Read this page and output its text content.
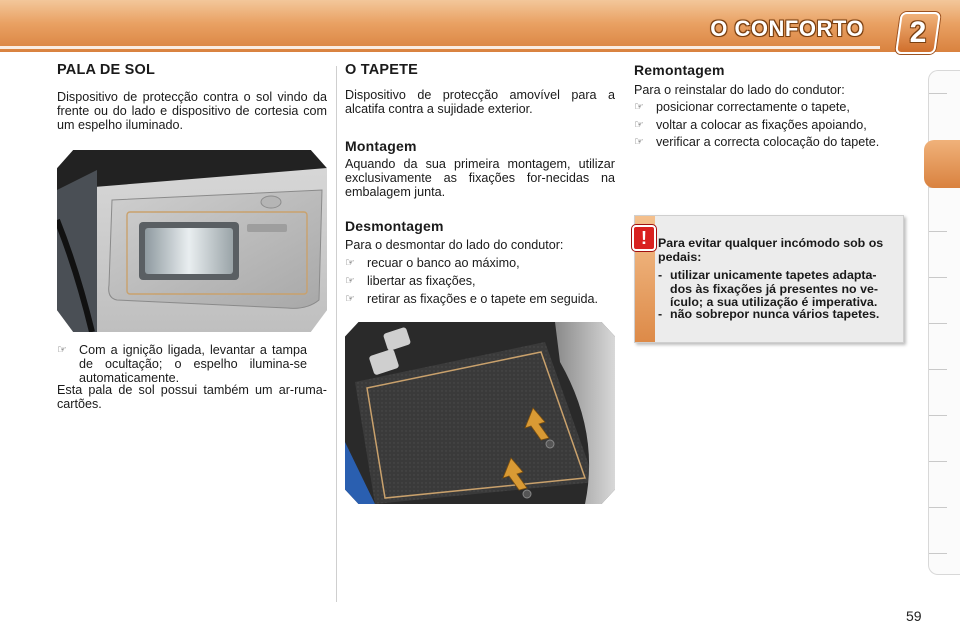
O CONFORTO	2
PALA DE SOL
Dispositivo de protecção contra o sol vindo da frente ou do lado e dispositivo de cortesia com um espelho iluminado.
☞ Com a ignição ligada, levantar a tampa de ocultação; o espelho ilumina-se automaticamente.
Esta pala de sol possui também um ar-ruma-cartões.
O TAPETE
Dispositivo de protecção amovível para a alcatifa contra a sujidade exterior.
Montagem
Aquando da sua primeira montagem, utilizar exclusivamente as fixações for-necidas na embalagem junta.
Desmontagem
Para o desmontar do lado do condutor:
☞ recuar o banco ao máximo,
☞ libertar as fixações,
☞ retirar as fixações e o tapete em seguida.
Remontagem
Para o reinstalar do lado do condutor:
☞ posicionar correctamente o tapete,
☞ voltar a colocar as fixações apoiando,
☞ verificar a correcta colocação do tapete.
! Para evitar qualquer incómodo sob os pedais:
- utilizar unicamente tapetes adapta-dos às fixações já presentes no ve-ículo; a sua utilização é imperativa.
- não sobrepor nunca vários tapetes.
59
